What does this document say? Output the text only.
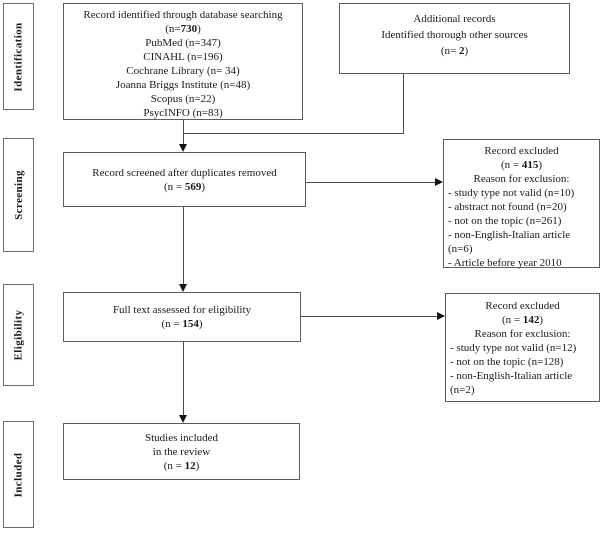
Identification
Screening
Eligibility
Included
Record identified through database searching
(n=730)
PubMed (n=347)
CINAHL (n=196)
Cochrane Library (n= 34)
Joanna Briggs Institute (n=48)
Scopus (n=22)
PsycINFO (n=83)
Additional records
Identified thorough other sources
(n= 2)
Record screened after duplicates removed
(n = 569)
Record excluded
(n = 415)
Reason for exclusion:
- study type not valid (n=10)
- abstract not found (n=20)
- not on the topic (n=261)
- non-English-Italian article (n=6)
- Article before year 2010
Full text assessed for eligibility
(n = 154)
Record excluded
(n = 142)
Reason for exclusion:
- study type not valid (n=12)
- not on the topic (n=128)
- non-English-Italian article (n=2)
Studies included
in the review
(n = 12)
